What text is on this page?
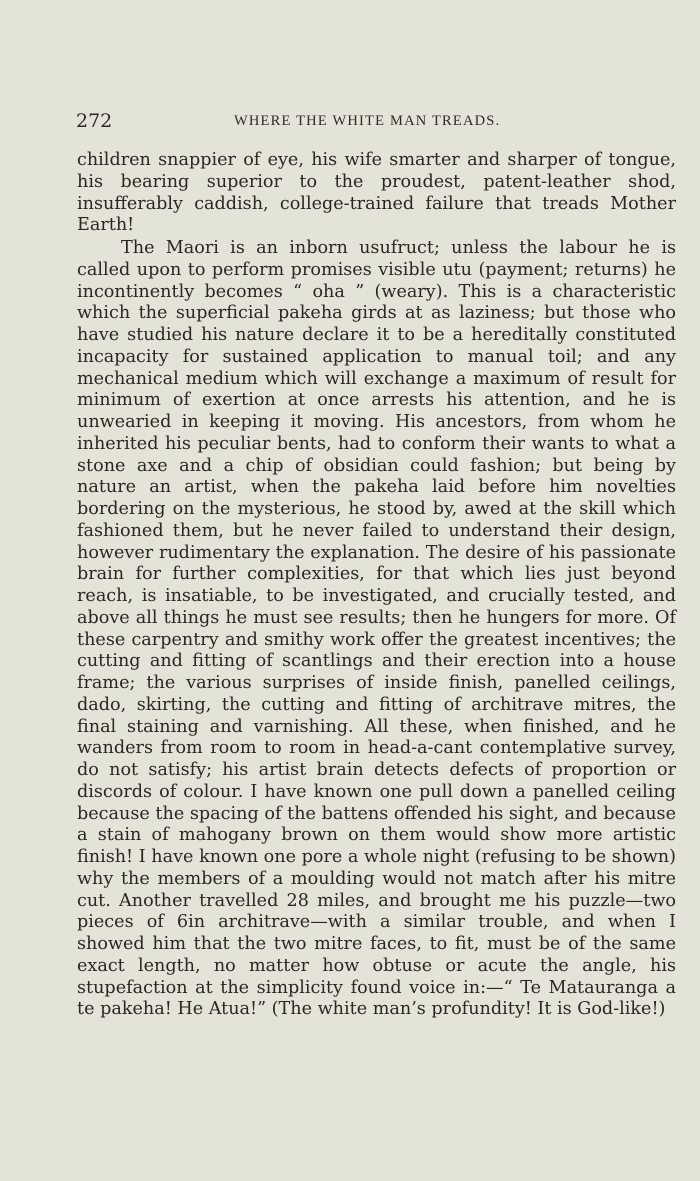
272	WHERE THE WHITE MAN TREADS.

children snappier of eye, his wife smarter and sharper of tongue, his bearing superior to the proudest, patent-leather shod, insufferably caddish, college-trained failure that treads Mother Earth!

The Maori is an inborn usufruct; unless the labour he is called upon to perform promises visible utu (payment; returns) he incontinently becomes “ oha ” (weary). This is a characteristic which the superficial pakeha girds at as laziness; but those who have studied his nature declare it to be a hereditally constituted incapacity for sustained application to manual toil; and any mechanical medium which will exchange a maximum of result for minimum of exertion at once arrests his attention, and he is unwearied in keeping it moving. His ancestors, from whom he inherited his peculiar bents, had to conform their wants to what a stone axe and a chip of obsidian could fashion; but being by nature an artist, when the pakeha laid before him novelties bordering on the mysterious, he stood by, awed at the skill which fashioned them, but he never failed to understand their design, however rudimentary the explanation. The desire of his passionate brain for further complexities, for that which lies just beyond reach, is insatiable, to be investigated, and crucially tested, and above all things he must see results; then he hungers for more. Of these carpentry and smithy work offer the greatest incentives; the cutting and fitting of scantlings and their erection into a house frame; the various surprises of inside finish, panelled ceilings, dado, skirting, the cutting and fitting of architrave mitres, the final staining and varnishing. All these, when finished, and he wanders from room to room in head-a-cant contemplative survey, do not satisfy; his artist brain detects defects of proportion or discords of colour. I have known one pull down a panelled ceiling because the spacing of the battens offended his sight, and because a stain of mahogany brown on them would show more artistic finish! I have known one pore a whole night (refusing to be shown) why the members of a moulding would not match after his mitre cut. Another travelled 28 miles, and brought me his puzzle—two pieces of 6in architrave—with a similar trouble, and when I showed him that the two mitre faces, to fit, must be of the same exact length, no matter how obtuse or acute the angle, his stupefaction at the simplicity found voice in:—“ Te Matauranga a te pakeha! He Atua!” (The white man’s profundity! It is God-like!)
